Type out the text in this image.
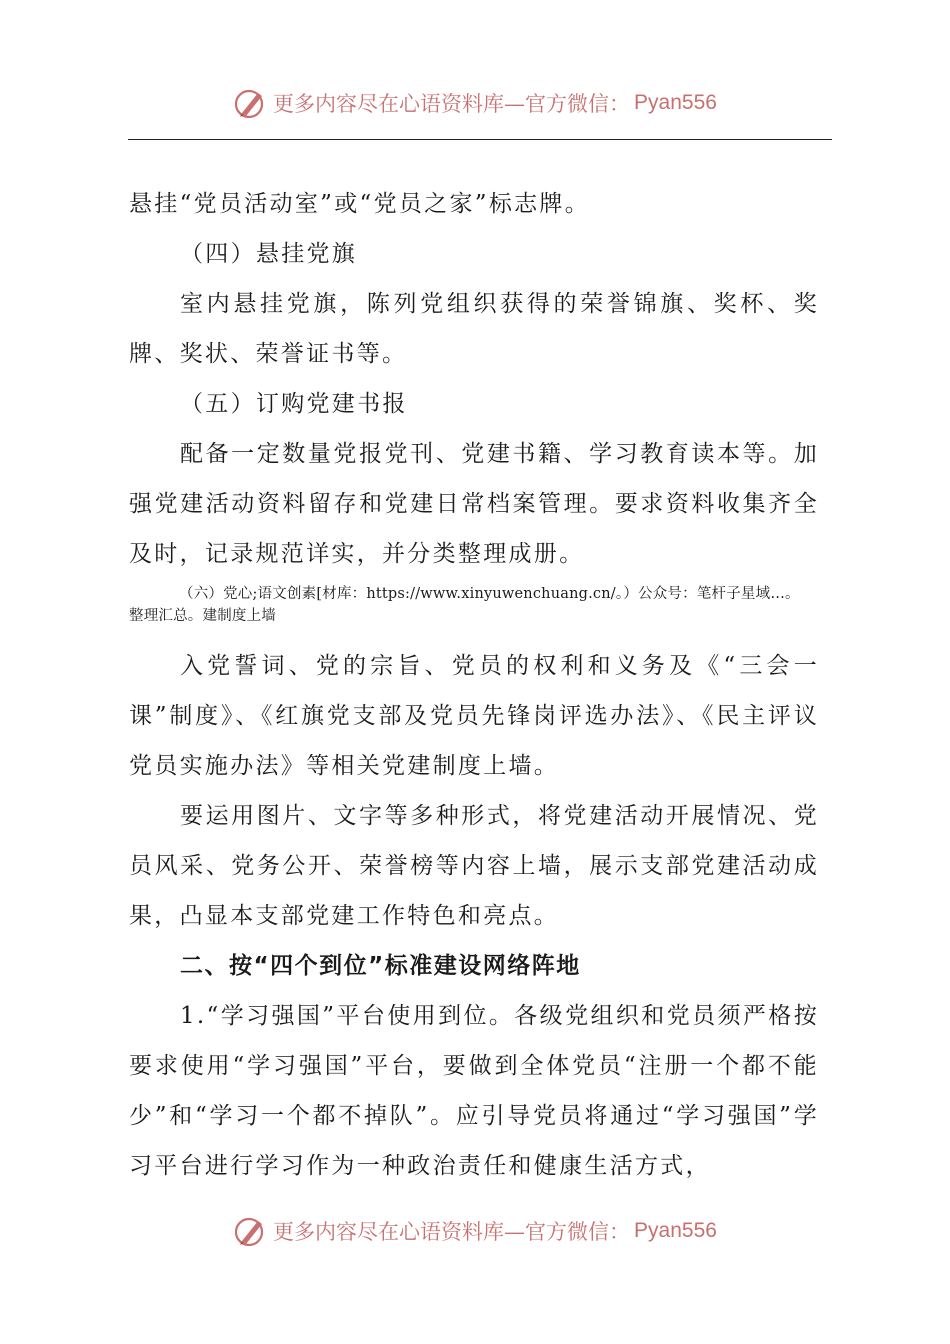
更多内容尽在心语资料库 —官方微信： Pyan556

悬挂“党员活动室”或“党员之家”标志牌。

（四）悬挂党旗

室内悬挂党旗，陈列党组织获得的荣誉锦旗、奖杯、奖牌、奖状、荣誉证书等。

（五）订购党建书报

配备一定数量党报党刊、党建书籍、学习教育读本等。加强党建活动资料留存和党建日常档案管理。要求资料收集齐全及时，记录规范详实，并分类整理成册。

（六）党心;语文创素[材库：https://www.xinyuwenchuang.cn/。）公众号：笔杆子星域…。

整理汇总。建制度上墙

入党誓词、党的宗旨、党员的权利和义务及《“三会一课”制度》、《红旗党支部及党员先锋岗评选办法》、《民主评议党员实施办法》等相关党建制度上墙。

要运用图片、文字等多种形式，将党建活动开展情况、党员风采、党务公开、荣誉榜等内容上墙，展示支部党建活动成果，凸显本支部党建工作特色和亮点。

二、按“四个到位”标准建设网络阵地

1.“学习强国”平台使用到位。各级党组织和党员须严格按要求使用“学习强国”平台，要做到全体党员“注册一个都不能少”和“学习一个都不掉队”。应引导党员将通过“学习强国”学习平台进行学习作为一种政治责任和健康生活方式，

更多内容尽在心语资料库 —官方微信： Pyan556
